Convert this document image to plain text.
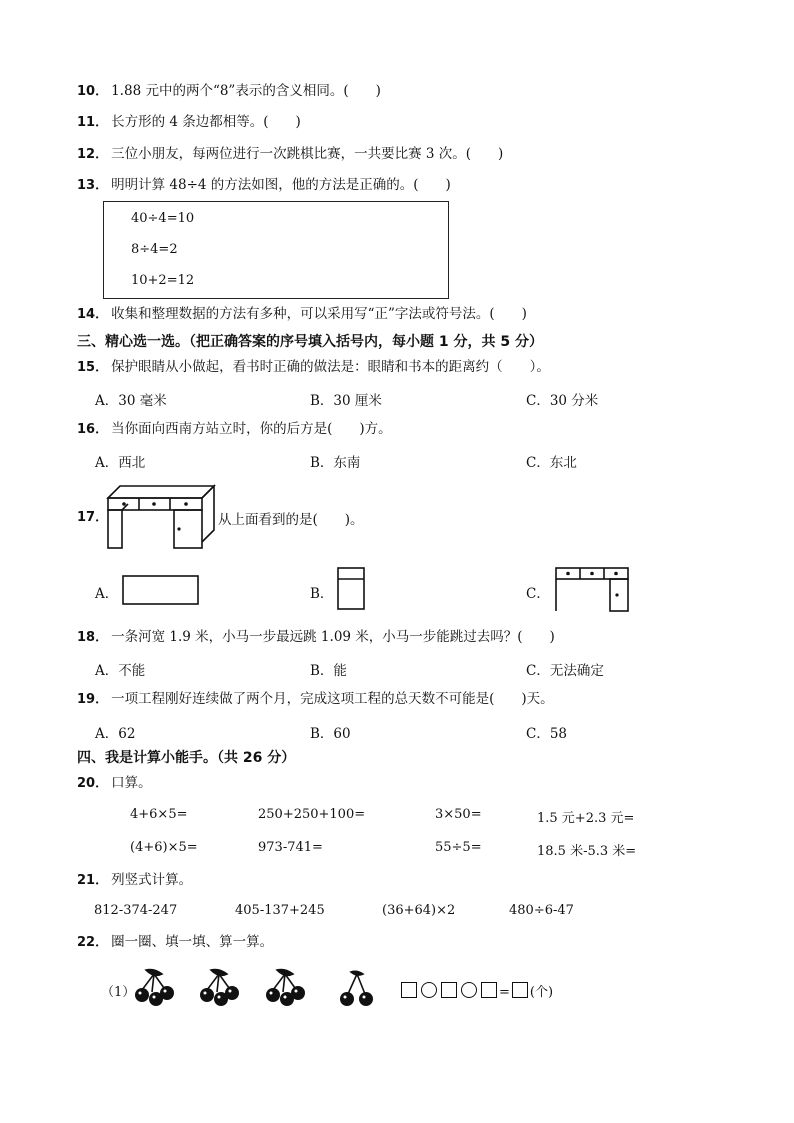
10． 1.88 元中的两个“8”表示的含义相同。(　　)
11． 长方形的 4 条边都相等。(　　)
12． 三位小朋友，每两位进行一次跳棋比赛，一共要比赛 3 次。(　　)
13． 明明计算 48÷4 的方法如图，他的方法是正确的。(　　)
40÷4=10
8÷4=2
10+2=12
14． 收集和整理数据的方法有多种，可以采用写“正”字法或符号法。(　　)
三、精心选一选。（把正确答案的序号填入括号内，每小题 1 分，共 5 分）
15． 保护眼睛从小做起，看书时正确的做法是：眼睛和书本的距离约（　　）。
A．30 毫米	B．30 厘米	C．30 分米
16． 当你面向西南方站立时，你的后方是(　　)方。
A．西北	B．东南	C．东北
17．	从上面看到的是(　　)。
A．	B．	C．
18． 一条河宽 1.9 米，小马一步最远跳 1.09 米，小马一步能跳过去吗？(　　)
A．不能	B．能	C．无法确定
19． 一项工程刚好连续做了两个月，完成这项工程的总天数不可能是(　　)天。
A．62	B．60	C．58
四、我是计算小能手。（共 26 分）
20． 口算。
4+6×5=	250+250+100=	3×50=	1.5 元+2.3 元=
(4+6)×5=	973-741=	55÷5=	18.5 米-5.3 米=
21． 列竖式计算。
812-374-247	405-137+245	(36+64)×2	480÷6-47
22． 圈一圈、填一填、算一算。
（1）	= (个)
